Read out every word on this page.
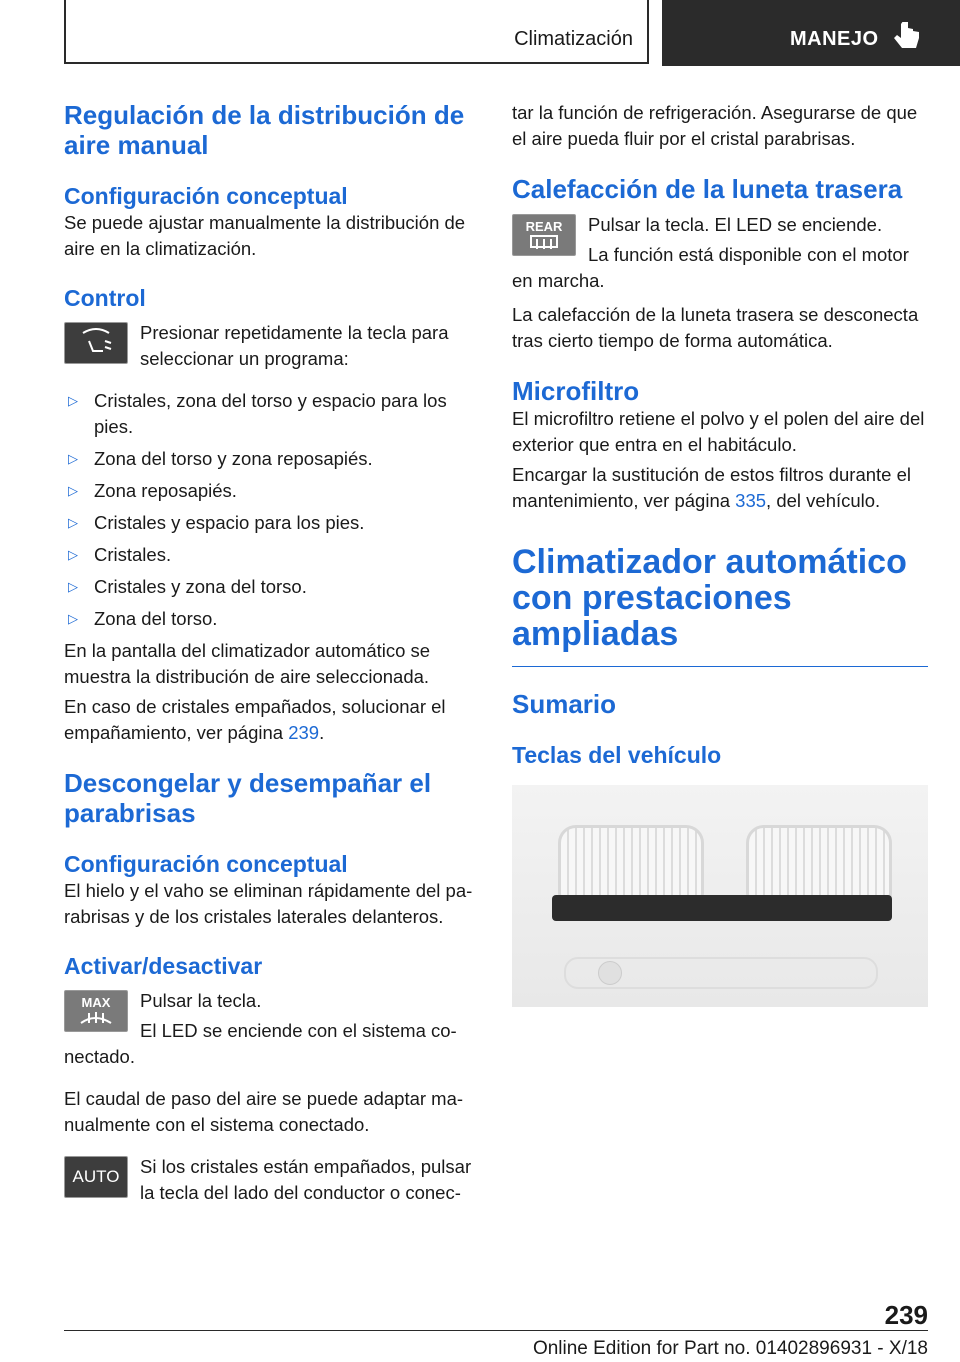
Climatización	MANEJO
Regulación de la distribución de aire manual
Configuración conceptual

Se puede ajustar manualmente la distribución de aire en la climatización.

Control

Presionar repetidamente la tecla para seleccionar un programa:

▷ Cristales, zona del torso y espacio para los pies.
▷ Zona del torso y zona reposapiés.
▷ Zona reposapiés.
▷ Cristales y espacio para los pies.
▷ Cristales.
▷ Cristales y zona del torso.
▷ Zona del torso.

En la pantalla del climatizador automático se muestra la distribución de aire seleccionada.

En caso de cristales empañados, solucionar el empañamiento, ver página 239.

Descongelar y desempañar el parabrisas
Configuración conceptual

El hielo y el vaho se eliminan rápidamente del pa-rabrisas y de los cristales laterales delanteros.

Activar/desactivar
MAX	Pulsar la tecla.

El LED se enciende con el sistema co-nectado.

El caudal de paso del aire se puede adaptar ma-nualmente con el sistema conectado.

AUTO	Si los cristales están empañados, pulsar la tecla del lado del conductor o conec-

tar la función de refrigeración. Asegurarse de que el aire pueda fluir por el cristal parabrisas.

Calefacción de la luneta trasera
REAR	Pulsar la tecla. El LED se enciende.

La función está disponible con el motor en marcha.

La calefacción de la luneta trasera se desconecta tras cierto tiempo de forma automática.

Microfiltro

El microfiltro retiene el polvo y el polen del aire del exterior que entra en el habitáculo.

Encargar la sustitución de estos filtros durante el mantenimiento, ver página 335, del vehículo.

Climatizador automático con prestaciones ampliadas
Sumario
Teclas del vehículo
239
Online Edition for Part no. 01402896931 - X/18
